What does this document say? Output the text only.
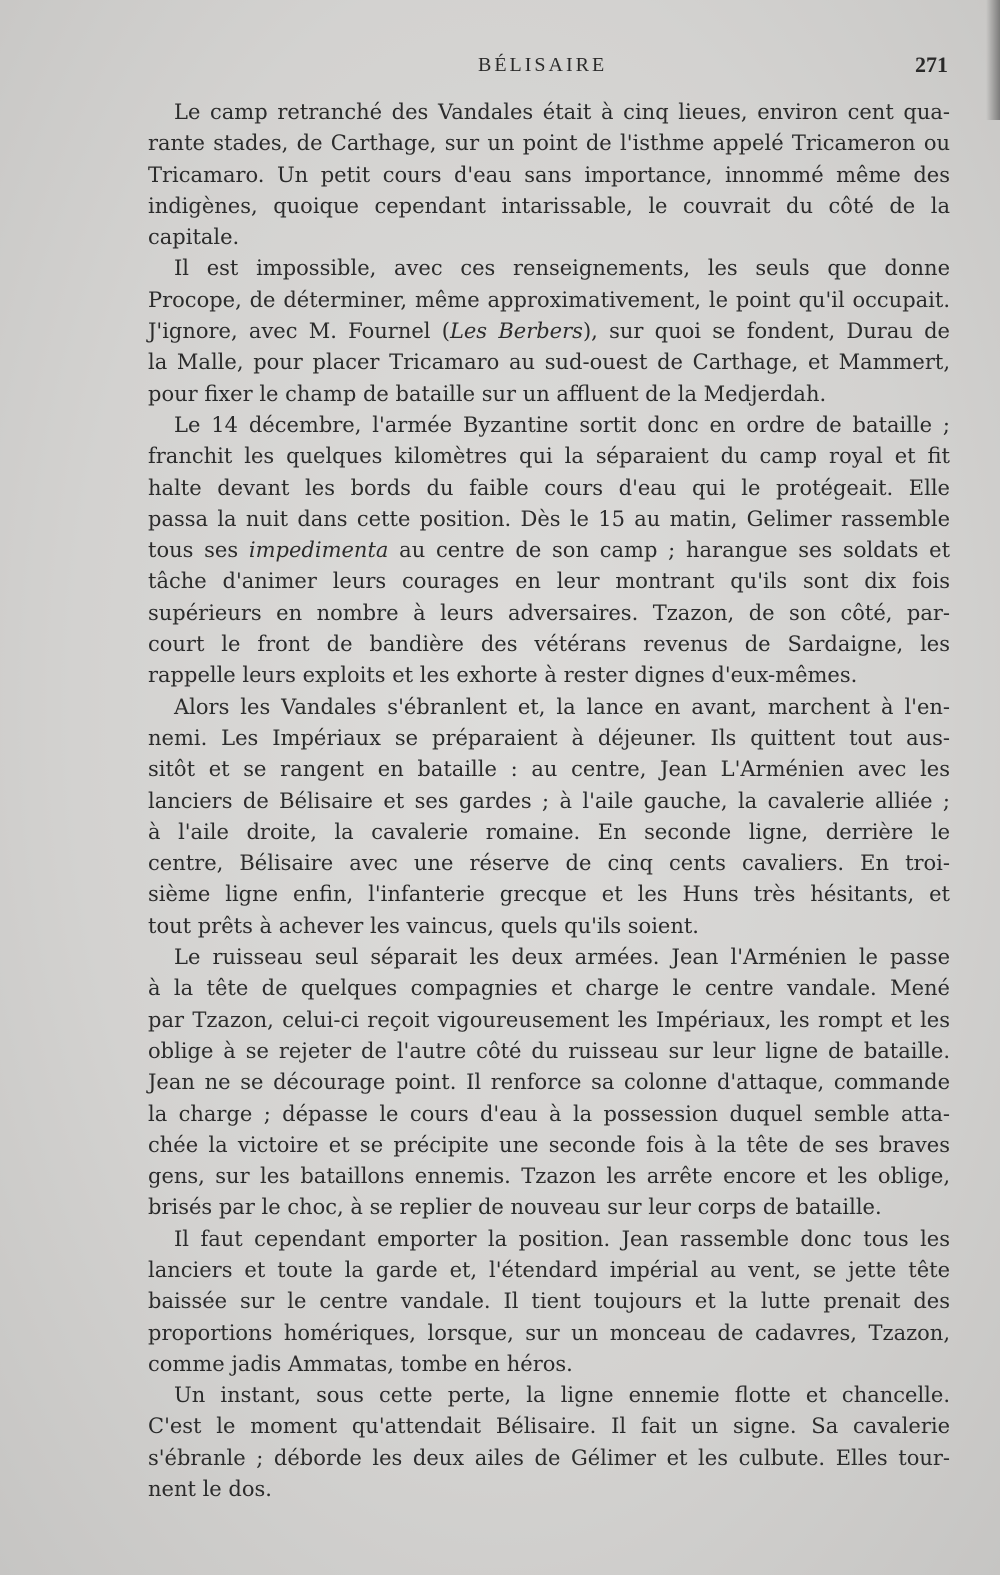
BÉLISAIRE	271
Le camp retranché des Vandales était à cinq lieues, environ cent qua-
rante stades, de Carthage, sur un point de l'isthme appelé Tricameron ou
Tricamaro. Un petit cours d'eau sans importance, innommé même des
indigènes, quoique cependant intarissable, le couvrait du côté de la
capitale.
Il est impossible, avec ces renseignements, les seuls que donne
Procope, de déterminer, même approximativement, le point qu'il occupait.
J'ignore, avec M. Fournel (Les Berbers), sur quoi se fondent, Durau de
la Malle, pour placer Tricamaro au sud-ouest de Carthage, et Mammert,
pour fixer le champ de bataille sur un affluent de la Medjerdah.
Le 14 décembre, l'armée Byzantine sortit donc en ordre de bataille ;
franchit les quelques kilomètres qui la séparaient du camp royal et fit
halte devant les bords du faible cours d'eau qui le protégeait. Elle
passa la nuit dans cette position. Dès le 15 au matin, Gelimer rassemble
tous ses impedimenta au centre de son camp ; harangue ses soldats et
tâche d'animer leurs courages en leur montrant qu'ils sont dix fois
supérieurs en nombre à leurs adversaires. Tzazon, de son côté, par-
court le front de bandière des vétérans revenus de Sardaigne, les
rappelle leurs exploits et les exhorte à rester dignes d'eux-mêmes.
Alors les Vandales s'ébranlent et, la lance en avant, marchent à l'en-
nemi. Les Impériaux se préparaient à déjeuner. Ils quittent tout aus-
sitôt et se rangent en bataille : au centre, Jean L'Arménien avec les
lanciers de Bélisaire et ses gardes ; à l'aile gauche, la cavalerie alliée ;
à l'aile droite, la cavalerie romaine. En seconde ligne, derrière le
centre, Bélisaire avec une réserve de cinq cents cavaliers. En troi-
sième ligne enfin, l'infanterie grecque et les Huns très hésitants, et
tout prêts à achever les vaincus, quels qu'ils soient.
Le ruisseau seul séparait les deux armées. Jean l'Arménien le passe
à la tête de quelques compagnies et charge le centre vandale. Mené
par Tzazon, celui-ci reçoit vigoureusement les Impériaux, les rompt et les
oblige à se rejeter de l'autre côté du ruisseau sur leur ligne de bataille.
Jean ne se décourage point. Il renforce sa colonne d'attaque, commande
la charge ; dépasse le cours d'eau à la possession duquel semble atta-
chée la victoire et se précipite une seconde fois à la tête de ses braves
gens, sur les bataillons ennemis. Tzazon les arrête encore et les oblige,
brisés par le choc, à se replier de nouveau sur leur corps de bataille.
Il faut cependant emporter la position. Jean rassemble donc tous les
lanciers et toute la garde et, l'étendard impérial au vent, se jette tête
baissée sur le centre vandale. Il tient toujours et la lutte prenait des
proportions homériques, lorsque, sur un monceau de cadavres, Tzazon,
comme jadis Ammatas, tombe en héros.
Un instant, sous cette perte, la ligne ennemie flotte et chancelle.
C'est le moment qu'attendait Bélisaire. Il fait un signe. Sa cavalerie
s'ébranle ; déborde les deux ailes de Gélimer et les culbute. Elles tour-
nent le dos.
